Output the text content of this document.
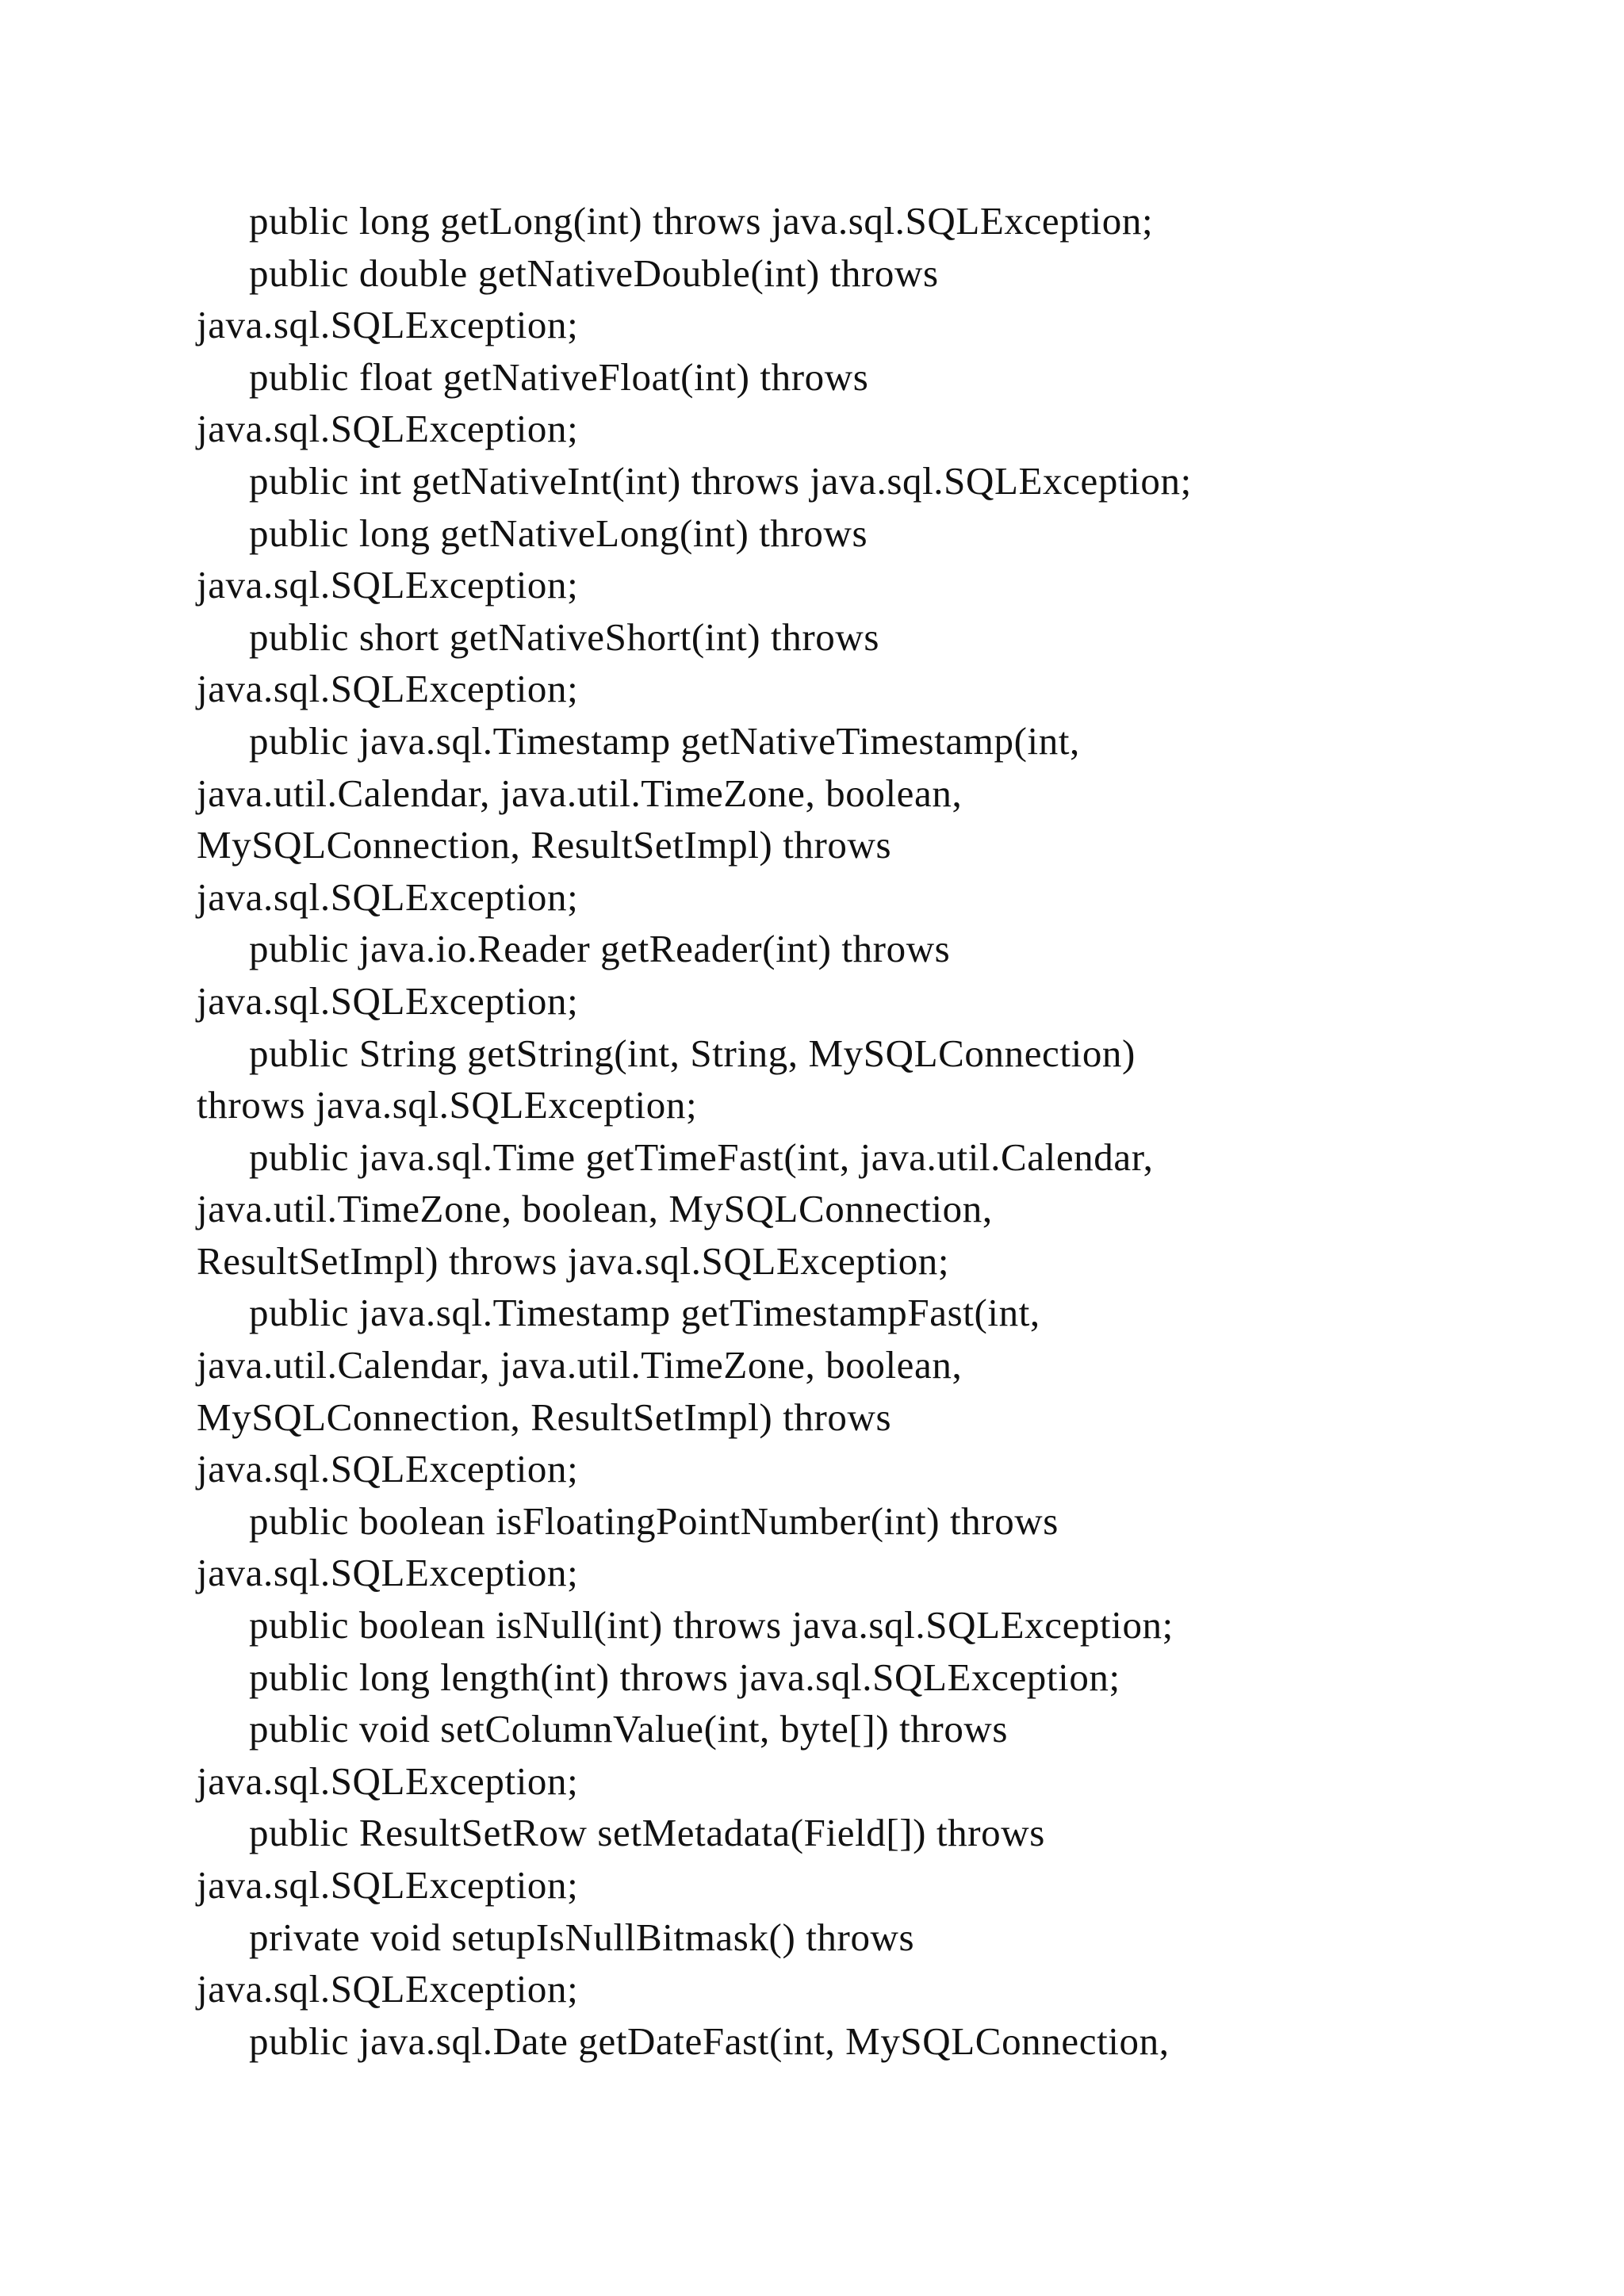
public long getLong(int) throws java.sql.SQLException;
public double getNativeDouble(int) throws
java.sql.SQLException;
public float getNativeFloat(int) throws
java.sql.SQLException;
public int getNativeInt(int) throws java.sql.SQLException;
public long getNativeLong(int) throws
java.sql.SQLException;
public short getNativeShort(int) throws
java.sql.SQLException;
public java.sql.Timestamp getNativeTimestamp(int,
java.util.Calendar, java.util.TimeZone, boolean,
MySQLConnection, ResultSetImpl) throws
java.sql.SQLException;
public java.io.Reader getReader(int) throws
java.sql.SQLException;
public String getString(int, String, MySQLConnection)
throws java.sql.SQLException;
public java.sql.Time getTimeFast(int, java.util.Calendar,
java.util.TimeZone, boolean, MySQLConnection,
ResultSetImpl) throws java.sql.SQLException;
public java.sql.Timestamp getTimestampFast(int,
java.util.Calendar, java.util.TimeZone, boolean,
MySQLConnection, ResultSetImpl) throws
java.sql.SQLException;
public boolean isFloatingPointNumber(int) throws
java.sql.SQLException;
public boolean isNull(int) throws java.sql.SQLException;
public long length(int) throws java.sql.SQLException;
public void setColumnValue(int, byte[]) throws
java.sql.SQLException;
public ResultSetRow setMetadata(Field[]) throws
java.sql.SQLException;
private void setupIsNullBitmask() throws
java.sql.SQLException;
public java.sql.Date getDateFast(int, MySQLConnection,
